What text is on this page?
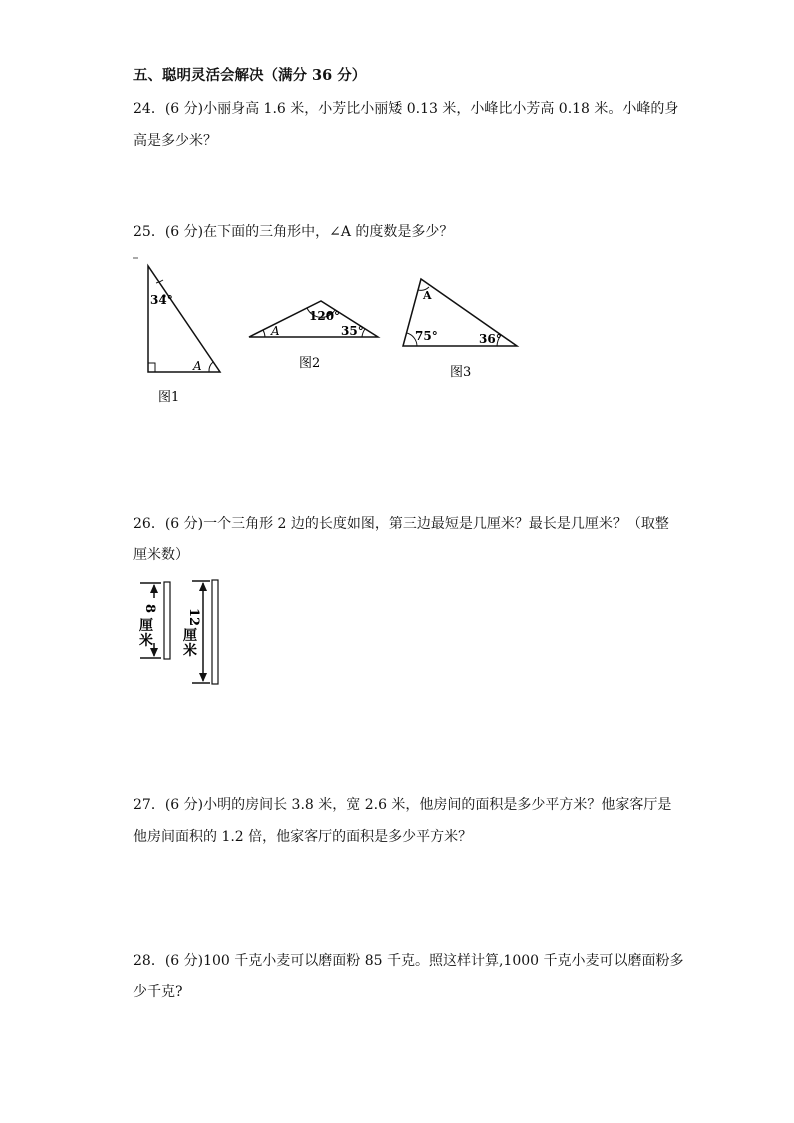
五、聪明灵活会解决（满分 36 分）
24．(6 分)小丽身高 1.6 米，小芳比小丽矮 0.13 米，小峰比小芳高 0.18 米。小峰的身
高是多少米？
25．(6 分)在下面的三角形中，∠A 的度数是多少？
34°
A
图1
120°
35°
A
图2
A
75°	36°
图3
8
厘
米
12
厘
米
26．(6 分)一个三角形 2 边的长度如图，第三边最短是几厘米？最长是几厘米？（取整
厘米数）
27．(6 分)小明的房间长 3.8 米，宽 2.6 米，他房间的面积是多少平方米？他家客厅是
他房间面积的 1.2 倍，他家客厅的面积是多少平方米？
28．(6 分)100 千克小麦可以磨面粉 85 千克。照这样计算,1000 千克小麦可以磨面粉多
少千克?
